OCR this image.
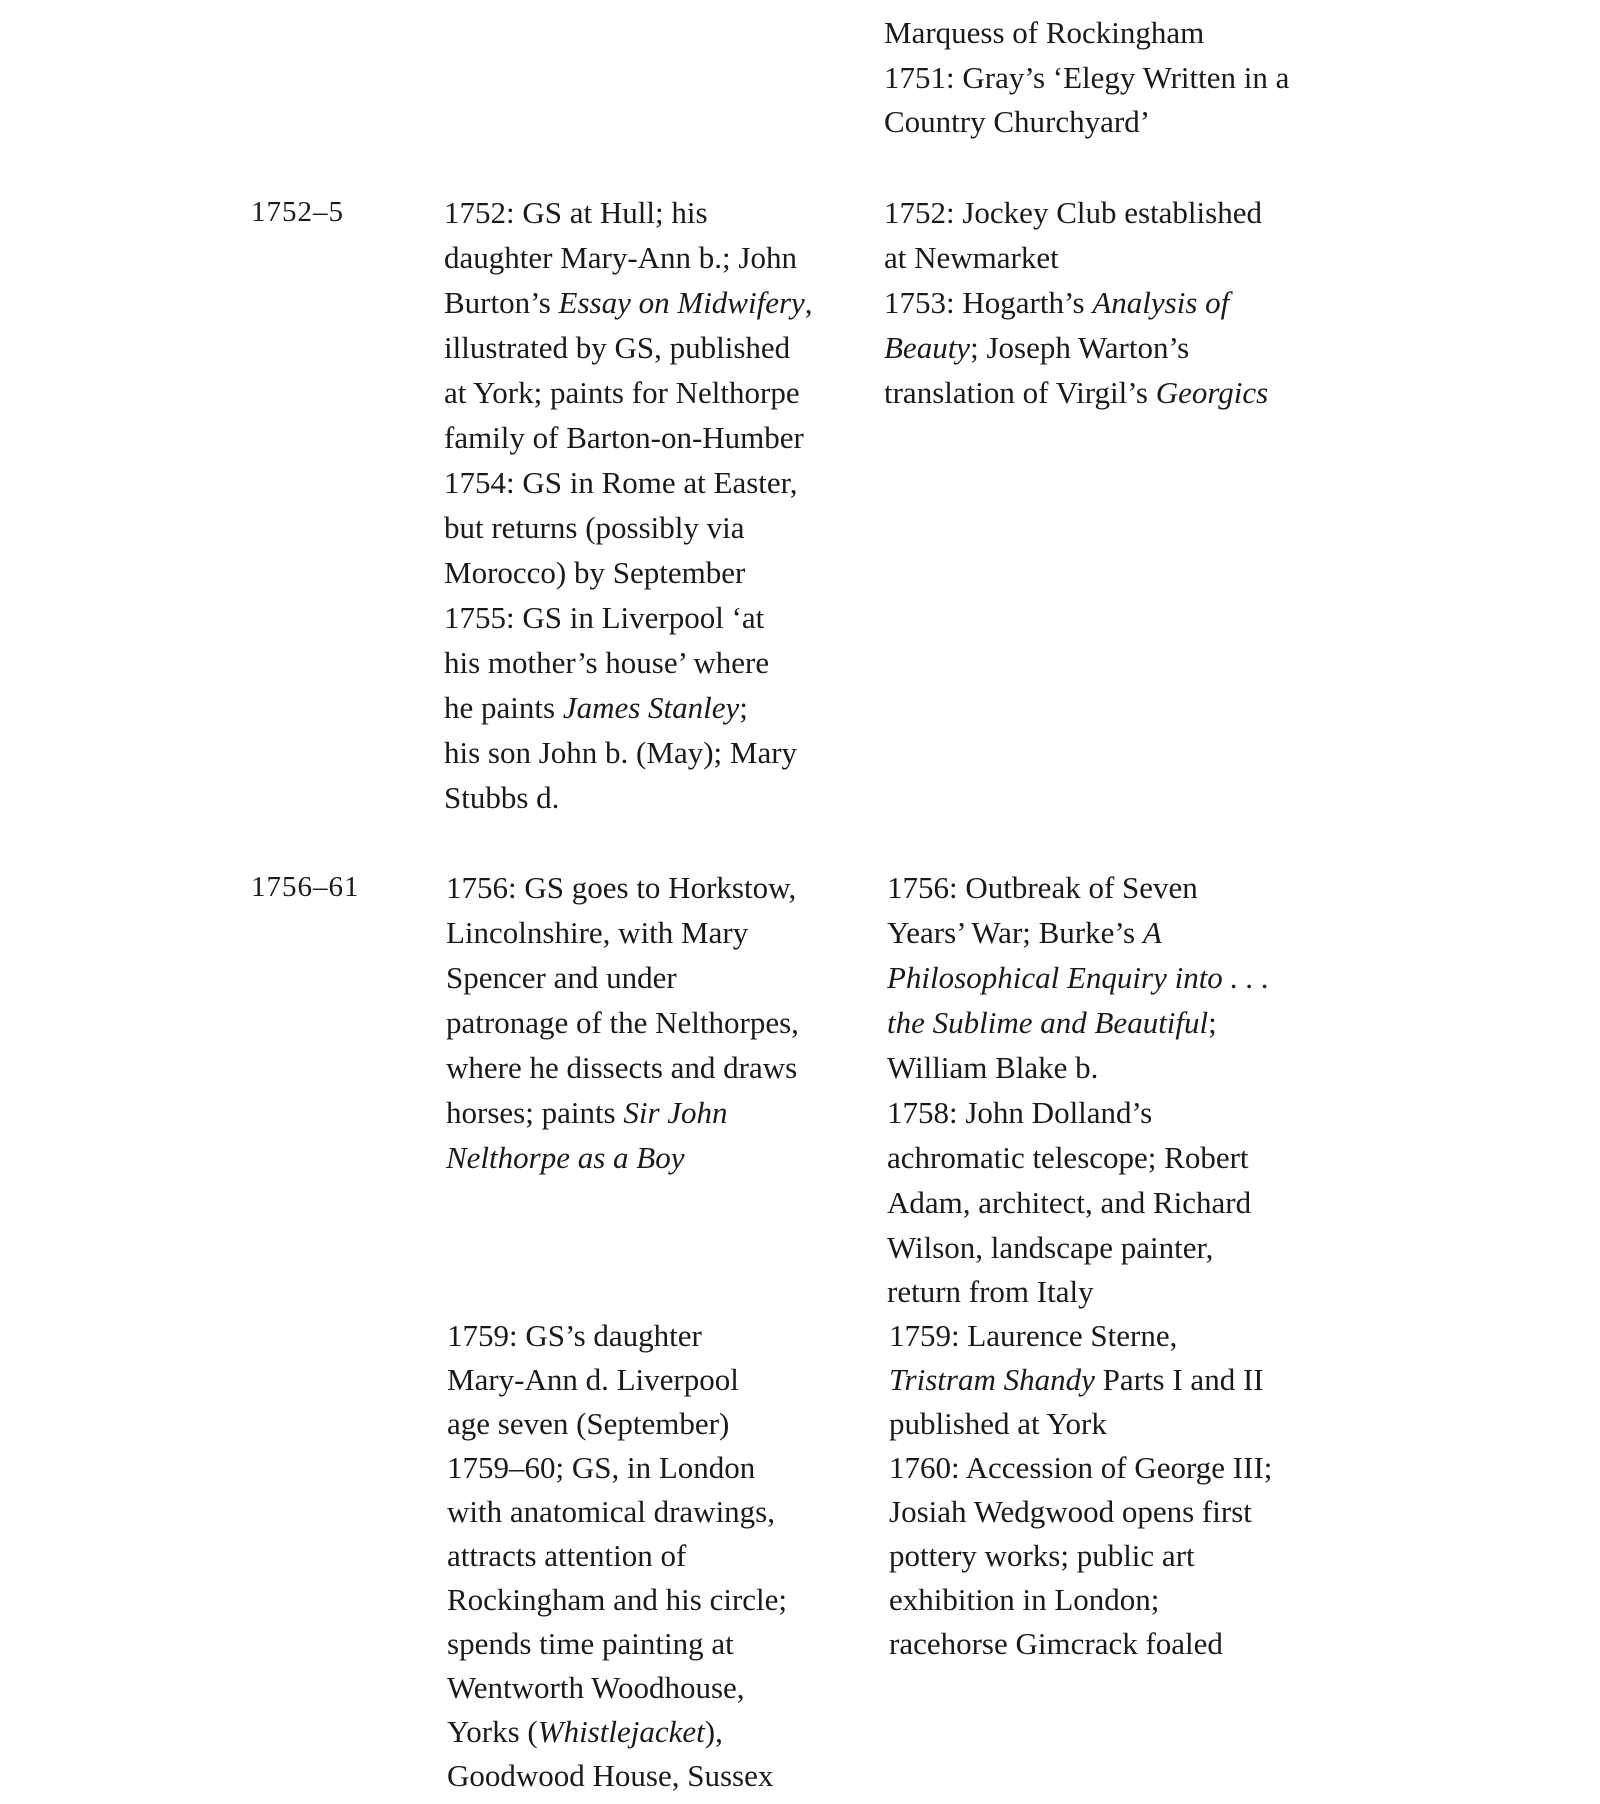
Marquess of Rockingham
1751: Gray’s ‘Elegy Written in a
Country Churchyard’
1752–5	1752: GS at Hull; his
daughter Mary-Ann b.; John
Burton’s Essay on Midwifery,
illustrated by GS, published
at York; paints for Nelthorpe
family of Barton-on-Humber
1754: GS in Rome at Easter,
but returns (possibly via
Morocco) by September
1755: GS in Liverpool ‘at
his mother’s house’ where
he paints James Stanley;
his son John b. (May); Mary
Stubbs d.
1752: Jockey Club established
at Newmarket
1753: Hogarth’s Analysis of
Beauty; Joseph Warton’s
translation of Virgil’s Georgics
1756–61	1756: GS goes to Horkstow,
Lincolnshire, with Mary
Spencer and under
patronage of the Nelthorpes,
where he dissects and draws
horses; paints Sir John
Nelthorpe as a Boy
1756: Outbreak of Seven
Years’ War; Burke’s A
Philosophical Enquiry into . . .
the Sublime and Beautiful;
William Blake b.
1758: John Dolland’s
achromatic telescope; Robert
Adam, architect, and Richard
Wilson, landscape painter,
return from Italy
1759: GS’s daughter
Mary-Ann d. Liverpool
age seven (September)
1759–60; GS, in London
with anatomical drawings,
attracts attention of
Rockingham and his circle;
spends time painting at
Wentworth Woodhouse,
Yorks (Whistlejacket),
Goodwood House, Sussex
1759: Laurence Sterne,
Tristram Shandy Parts I and II
published at York
1760: Accession of George III;
Josiah Wedgwood opens first
pottery works; public art
exhibition in London;
racehorse Gimcrack foaled
